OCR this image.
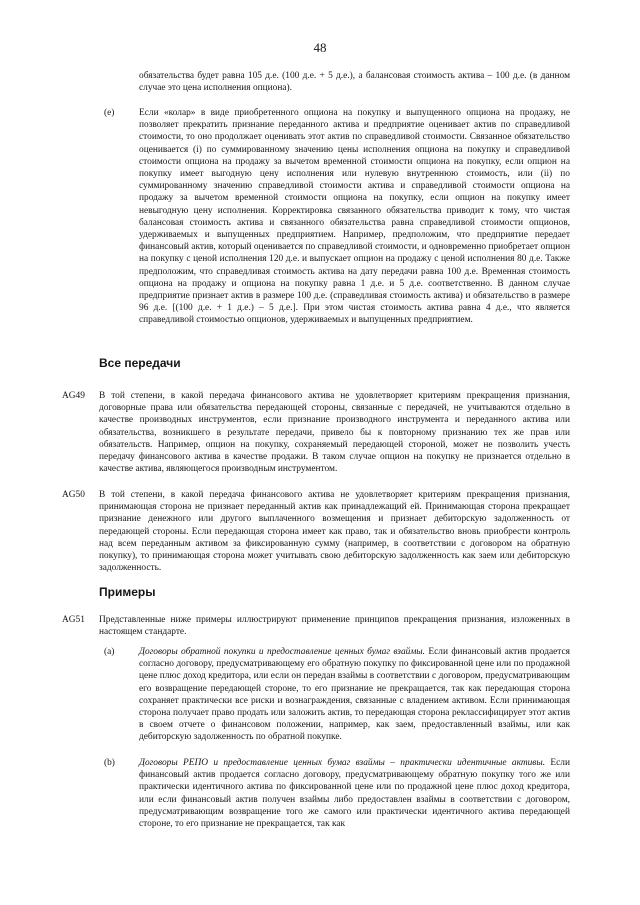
48
обязательства будет равна 105 д.е. (100 д.е. + 5 д.е.), а балансовая стоимость актива – 100 д.е. (в данном случае это цена исполнения опциона).
(e)	Если «колар» в виде приобретенного опциона на покупку и выпущенного опциона на продажу, не позволяет прекратить признание переданного актива и предприятие оценивает актив по справедливой стоимости, то оно продолжает оценивать этот актив по справедливой стоимости. Связанное обязательство оценивается (i) по суммированному значению цены исполнения опциона на покупку и справедливой стоимости опциона на продажу за вычетом временной стоимости опциона на покупку, если опцион на покупку имеет выгодную цену исполнения или нулевую внутреннюю стоимость, или (ii) по суммированному значению справедливой стоимости актива и справедливой стоимости опциона на продажу за вычетом временной стоимости опциона на покупку, если опцион на покупку имеет невыгодную цену исполнения. Корректировка связанного обязательства приводит к тому, что чистая балансовая стоимость актива и связанного обязательства равна справедливой стоимости опционов, удерживаемых и выпущенных предприятием. Например, предположим, что предприятие передает финансовый актив, который оценивается по справедливой стоимости, и одновременно приобретает опцион на покупку с ценой исполнения 120 д.е. и выпускает опцион на продажу с ценой исполнения 80 д.е. Также предположим, что справедливая стоимость актива на дату передачи равна 100 д.е. Временная стоимость опциона на продажу и опциона на покупку равна 1 д.е. и 5 д.е. соответственно. В данном случае предприятие признает актив в размере 100 д.е. (справедливая стоимость актива) и обязательство в размере 96 д.е. [(100 д.е. + 1 д.е.) – 5 д.е.]. При этом чистая стоимость актива равна 4 д.е., что является справедливой стоимостью опционов, удерживаемых и выпущенных предприятием.
Все передачи
AG49 В той степени, в какой передача финансового актива не удовлетворяет критериям прекращения признания, договорные права или обязательства передающей стороны, связанные с передачей, не учитываются отдельно в качестве производных инструментов, если признание производного инструмента и переданного актива или обязательства, возникшего в результате передачи, привело бы к повторному признанию тех же прав или обязательств. Например, опцион на покупку, сохраняемый передающей стороной, может не позволить учесть передачу финансового актива в качестве продажи. В таком случае опцион на покупку не признается отдельно в качестве актива, являющегося производным инструментом.
AG50 В той степени, в какой передача финансового актива не удовлетворяет критериям прекращения признания, принимающая сторона не признает переданный актив как принадлежащий ей. Принимающая сторона прекращает признание денежного или другого выплаченного возмещения и признает дебиторскую задолженность от передающей стороны. Если передающая сторона имеет как право, так и обязательство вновь приобрести контроль над всем переданным активом за фиксированную сумму (например, в соответствии с договором на обратную покупку), то принимающая сторона может учитывать свою дебиторскую задолженность как заем или дебиторскую задолженность.
Примеры
AG51 Представленные ниже примеры иллюстрируют применение принципов прекращения признания, изложенных в настоящем стандарте.
(a)	Договоры обратной покупки и предоставление ценных бумаг взаймы. Если финансовый актив продается согласно договору, предусматривающему его обратную покупку по фиксированной цене или по продажной цене плюс доход кредитора, или если он передан взаймы в соответствии с договором, предусматривающим его возвращение передающей стороне, то его признание не прекращается, так как передающая сторона сохраняет практически все риски и вознаграждения, связанные с владением активом. Если принимающая сторона получает право продать или заложить актив, то передающая сторона реклассифицирует этот актив в своем отчете о финансовом положении, например, как заем, предоставленный взаймы, или как дебиторскую задолженность по обратной покупке.
(b)	Договоры РЕПО и предоставление ценных бумаг взаймы – практически идентичные активы. Если финансовый актив продается согласно договору, предусматривающему обратную покупку того же или практически идентичного актива по фиксированной цене или по продажной цене плюс доход кредитора, или если финансовый актив получен взаймы либо предоставлен взаймы в соответствии с договором, предусматривающим возвращение того же самого или практически идентичного актива передающей стороне, то его признание не прекращается, так как
